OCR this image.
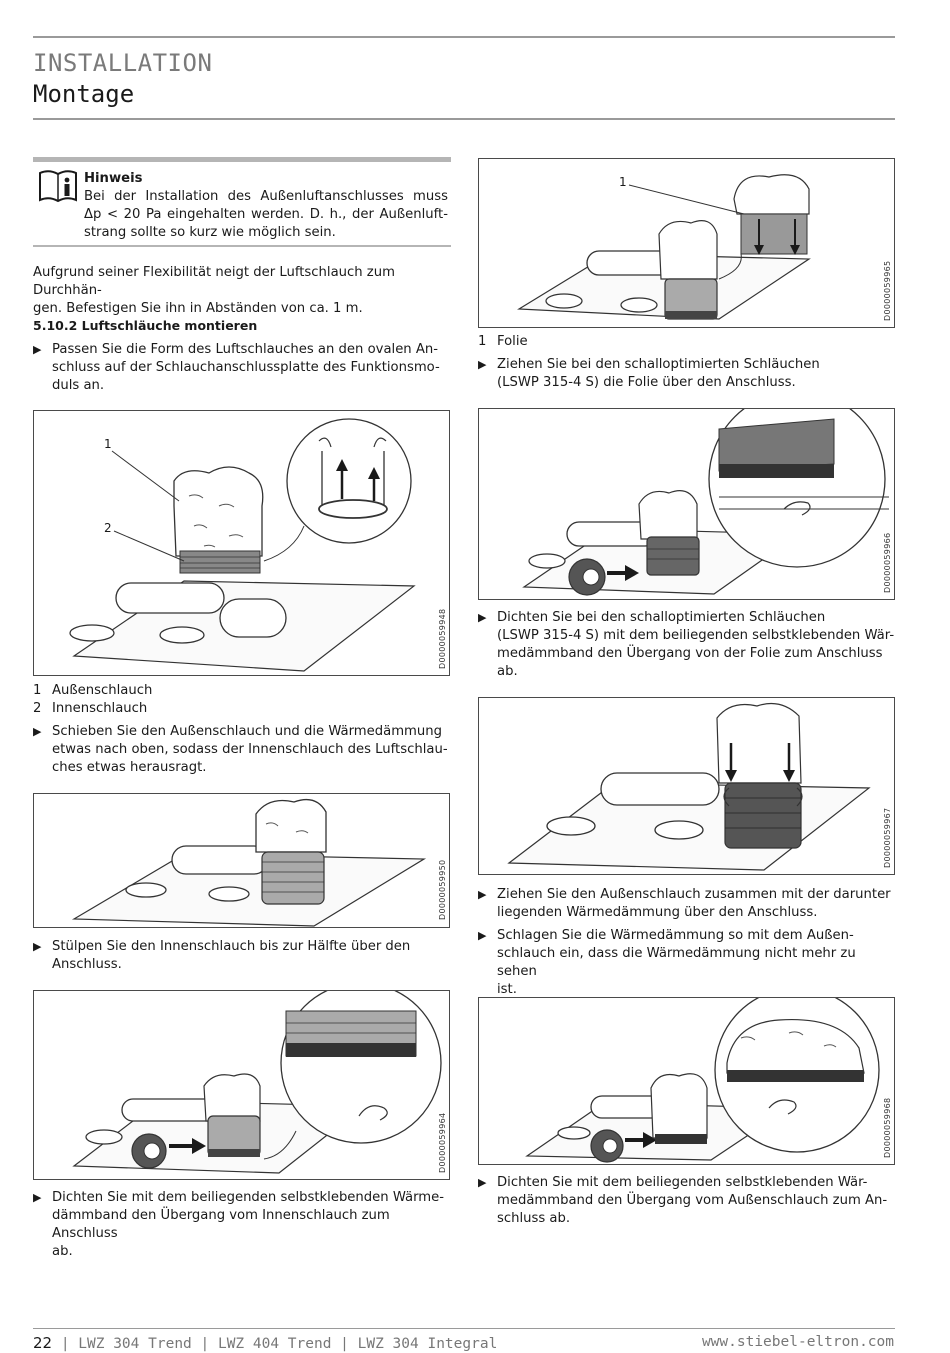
INSTALLATION
Montage
Hinweis
Bei der Installation des Außenluftanschlusses muss
Δp < 20 Pa eingehalten werden. D. h., der Außenluft-
strang sollte so kurz wie möglich sein.
Aufgrund seiner Flexibilität neigt der Luftschlauch zum Durchhän-
gen. Befestigen Sie ihn in Abständen von ca. 1 m.
5.10.2 Luftschläuche montieren
▶ Passen Sie die Form des Luftschlauches an den ovalen An-
schluss auf der Schlauchanschlussplatte des Funktionsmo-
duls an.
1
2
D0000059948
1 Außenschlauch
2 Innenschlauch
▶ Schieben Sie den Außenschlauch und die Wärmedämmung
etwas nach oben, sodass der Innenschlauch des Luftschlau-
ches etwas herausragt.
D0000059950
▶ Stülpen Sie den Innenschlauch bis zur Hälfte über den
Anschluss.
D0000059964
▶ Dichten Sie mit dem beiliegenden selbstklebenden Wärme-
dämmband den Übergang vom Innenschlauch zum Anschluss
ab.
1
D0000059965
1 Folie
▶ Ziehen Sie bei den schalloptimierten Schläuchen
(LSWP 315-4 S) die Folie über den Anschluss.
D0000059966
▶ Dichten Sie bei den schalloptimierten Schläuchen
(LSWP 315-4 S) mit dem beiliegenden selbstklebenden Wär-
medämmband den Übergang von der Folie zum Anschluss
ab.
D0000059967
▶ Ziehen Sie den Außenschlauch zusammen mit der darunter
liegenden Wärmedämmung über den Anschluss.
▶ Schlagen Sie die Wärmedämmung so mit dem Außen-
schlauch ein, dass die Wärmedämmung nicht mehr zu sehen
ist.
D0000059968
▶ Dichten Sie mit dem beiliegenden selbstklebenden Wär-
medämmband den Übergang vom Außenschlauch zum An-
schluss ab.
22 | LWZ 304 Trend | LWZ 404 Trend | LWZ 304 Integral	www.stiebel-eltron.com
